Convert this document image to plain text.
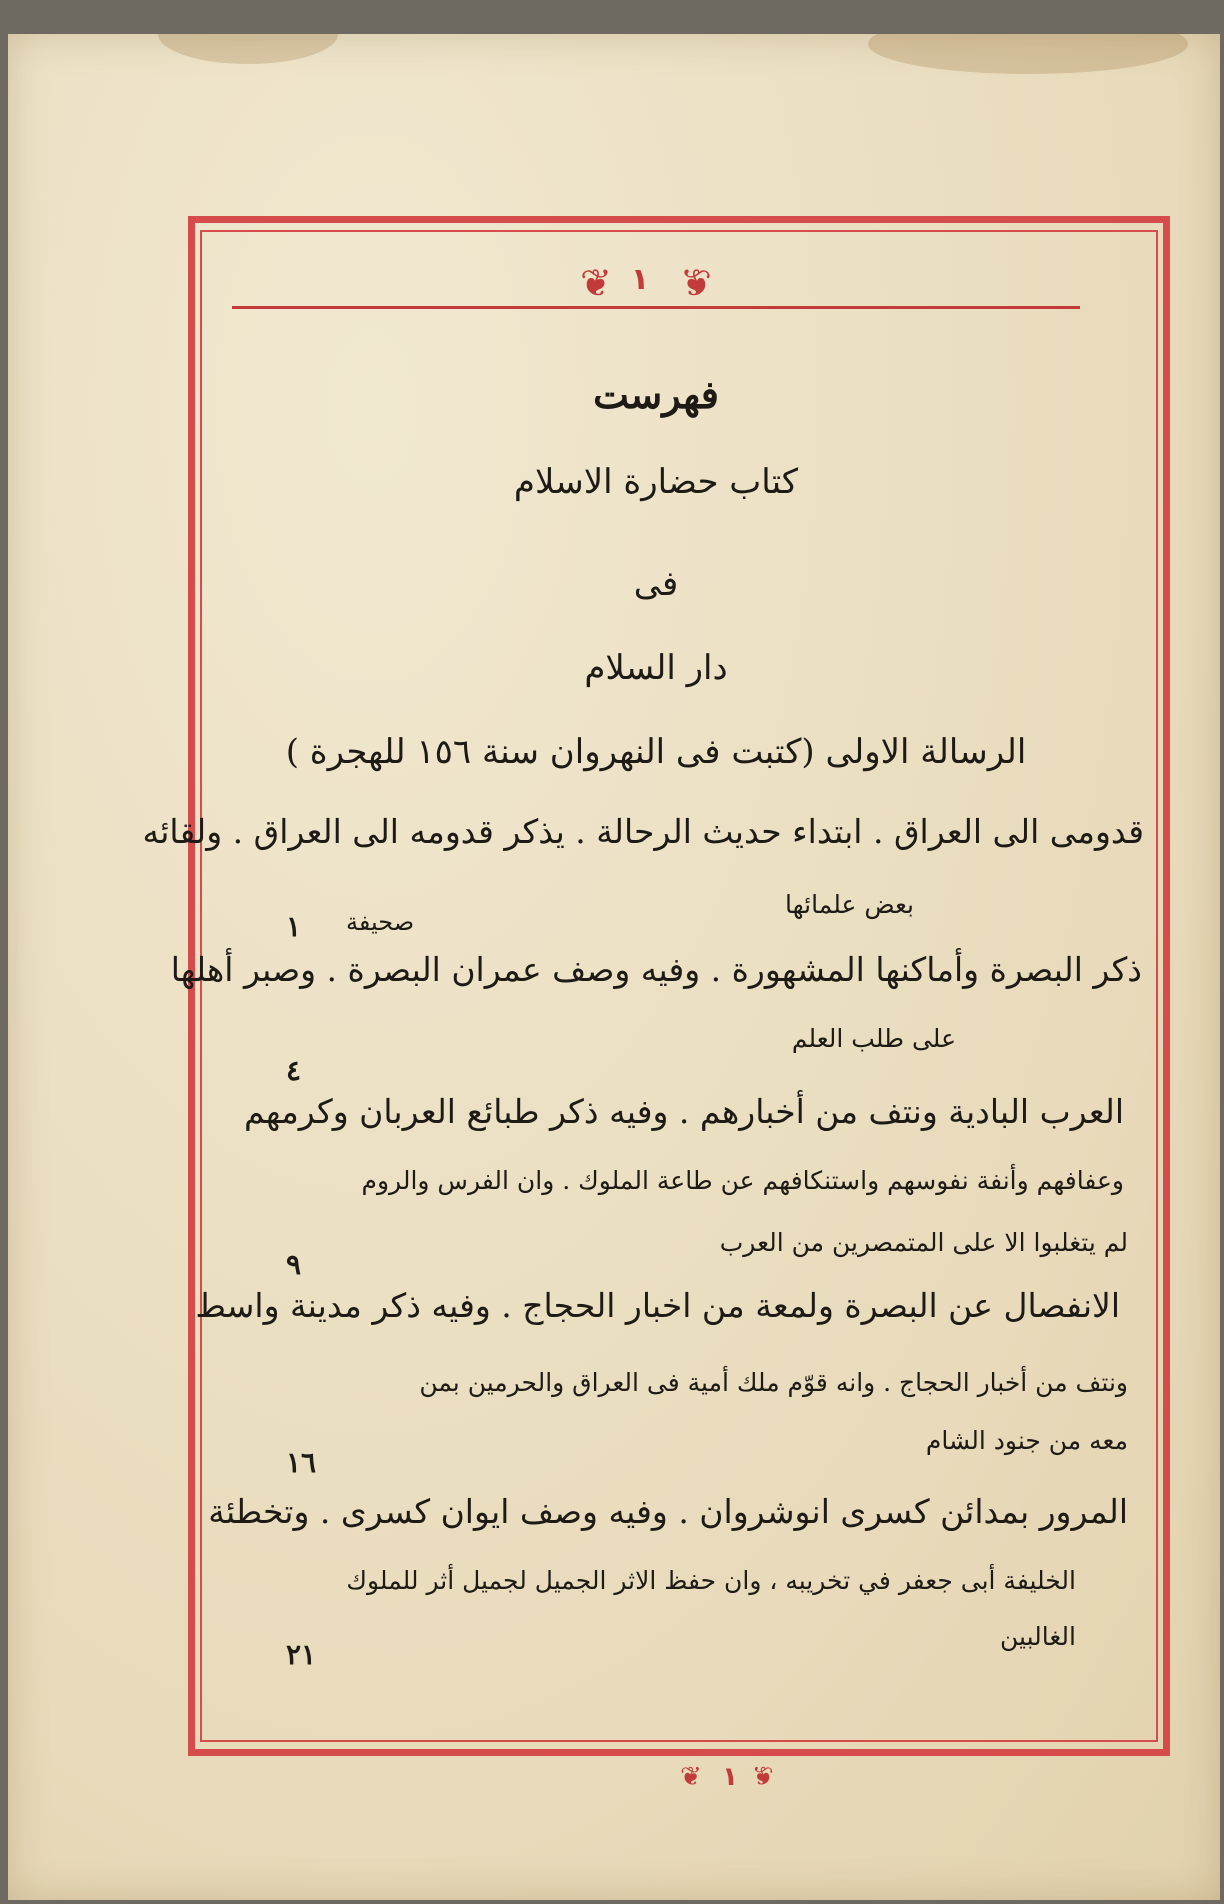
❦ ١ ❦
فهرست
كتاب حضارة الاسلام
فى
دار السلام
الرسالة الاولى (كتبت فى النهروان سنة ١٥٦ للهجرة )
قدومى الى العراق . ابتداء حديث الرحالة . يذكر قدومه الى العراق . ولقائه
بعض علمائها
صحيفة
١
ذكر البصرة وأماكنها المشهورة . وفيه وصف عمران البصرة . وصبر أهلها
على طلب العلم
٤
العرب البادية ونتف من أخبارهم . وفيه ذكر طبائع العربان وكرمهم
وعفافهم وأنفة نفوسهم واستنكافهم عن طاعة الملوك . وان الفرس والروم
لم يتغلبوا الا على المتمصرين من العرب
٩
الانفصال عن البصرة ولمعة من اخبار الحجاج . وفيه ذكر مدينة واسط
ونتف من أخبار الحجاج . وانه قوّم ملك أمية فى العراق والحرمين بمن
معه من جنود الشام
١٦
المرور بمدائن كسرى انوشروان . وفيه وصف ايوان كسرى . وتخطئة
الخليفة أبى جعفر في تخريبه ، وان حفظ الاثر الجميل لجميل أثر للملوك
الغالبين
٢١
❦ ١ ❦
